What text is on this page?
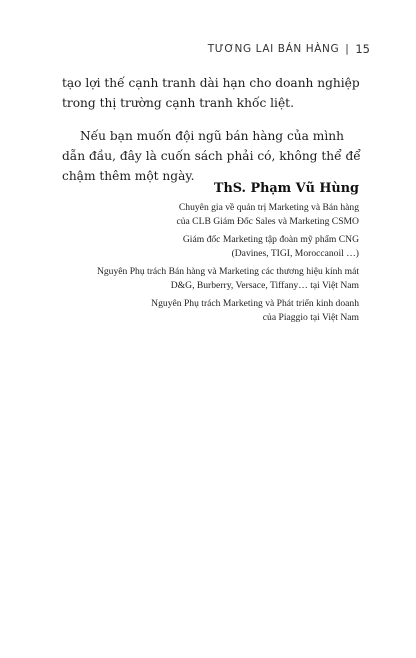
TƯƠNG LAI BÁN HÀNG | 15

tạo lợi thế cạnh tranh dài hạn cho doanh nghiệp trong thị trường cạnh tranh khốc liệt.

Nếu bạn muốn đội ngũ bán hàng của mình dẫn đầu, đây là cuốn sách phải có, không thể để chậm thêm một ngày.

ThS. Phạm Vũ Hùng
Chuyên gia về quản trị Marketing và Bán hàng
của CLB Giám Đốc Sales và Marketing CSMO
Giám đốc Marketing tập đoàn mỹ phẩm CNG
(Davines, TIGI, Moroccanoil …)
Nguyên Phụ trách Bán hàng và Marketing các thương hiệu kính mát
D&G, Burberry, Versace, Tiffany… tại Việt Nam
Nguyên Phụ trách Marketing và Phát triển kinh doanh
của Piaggio tại Việt Nam
